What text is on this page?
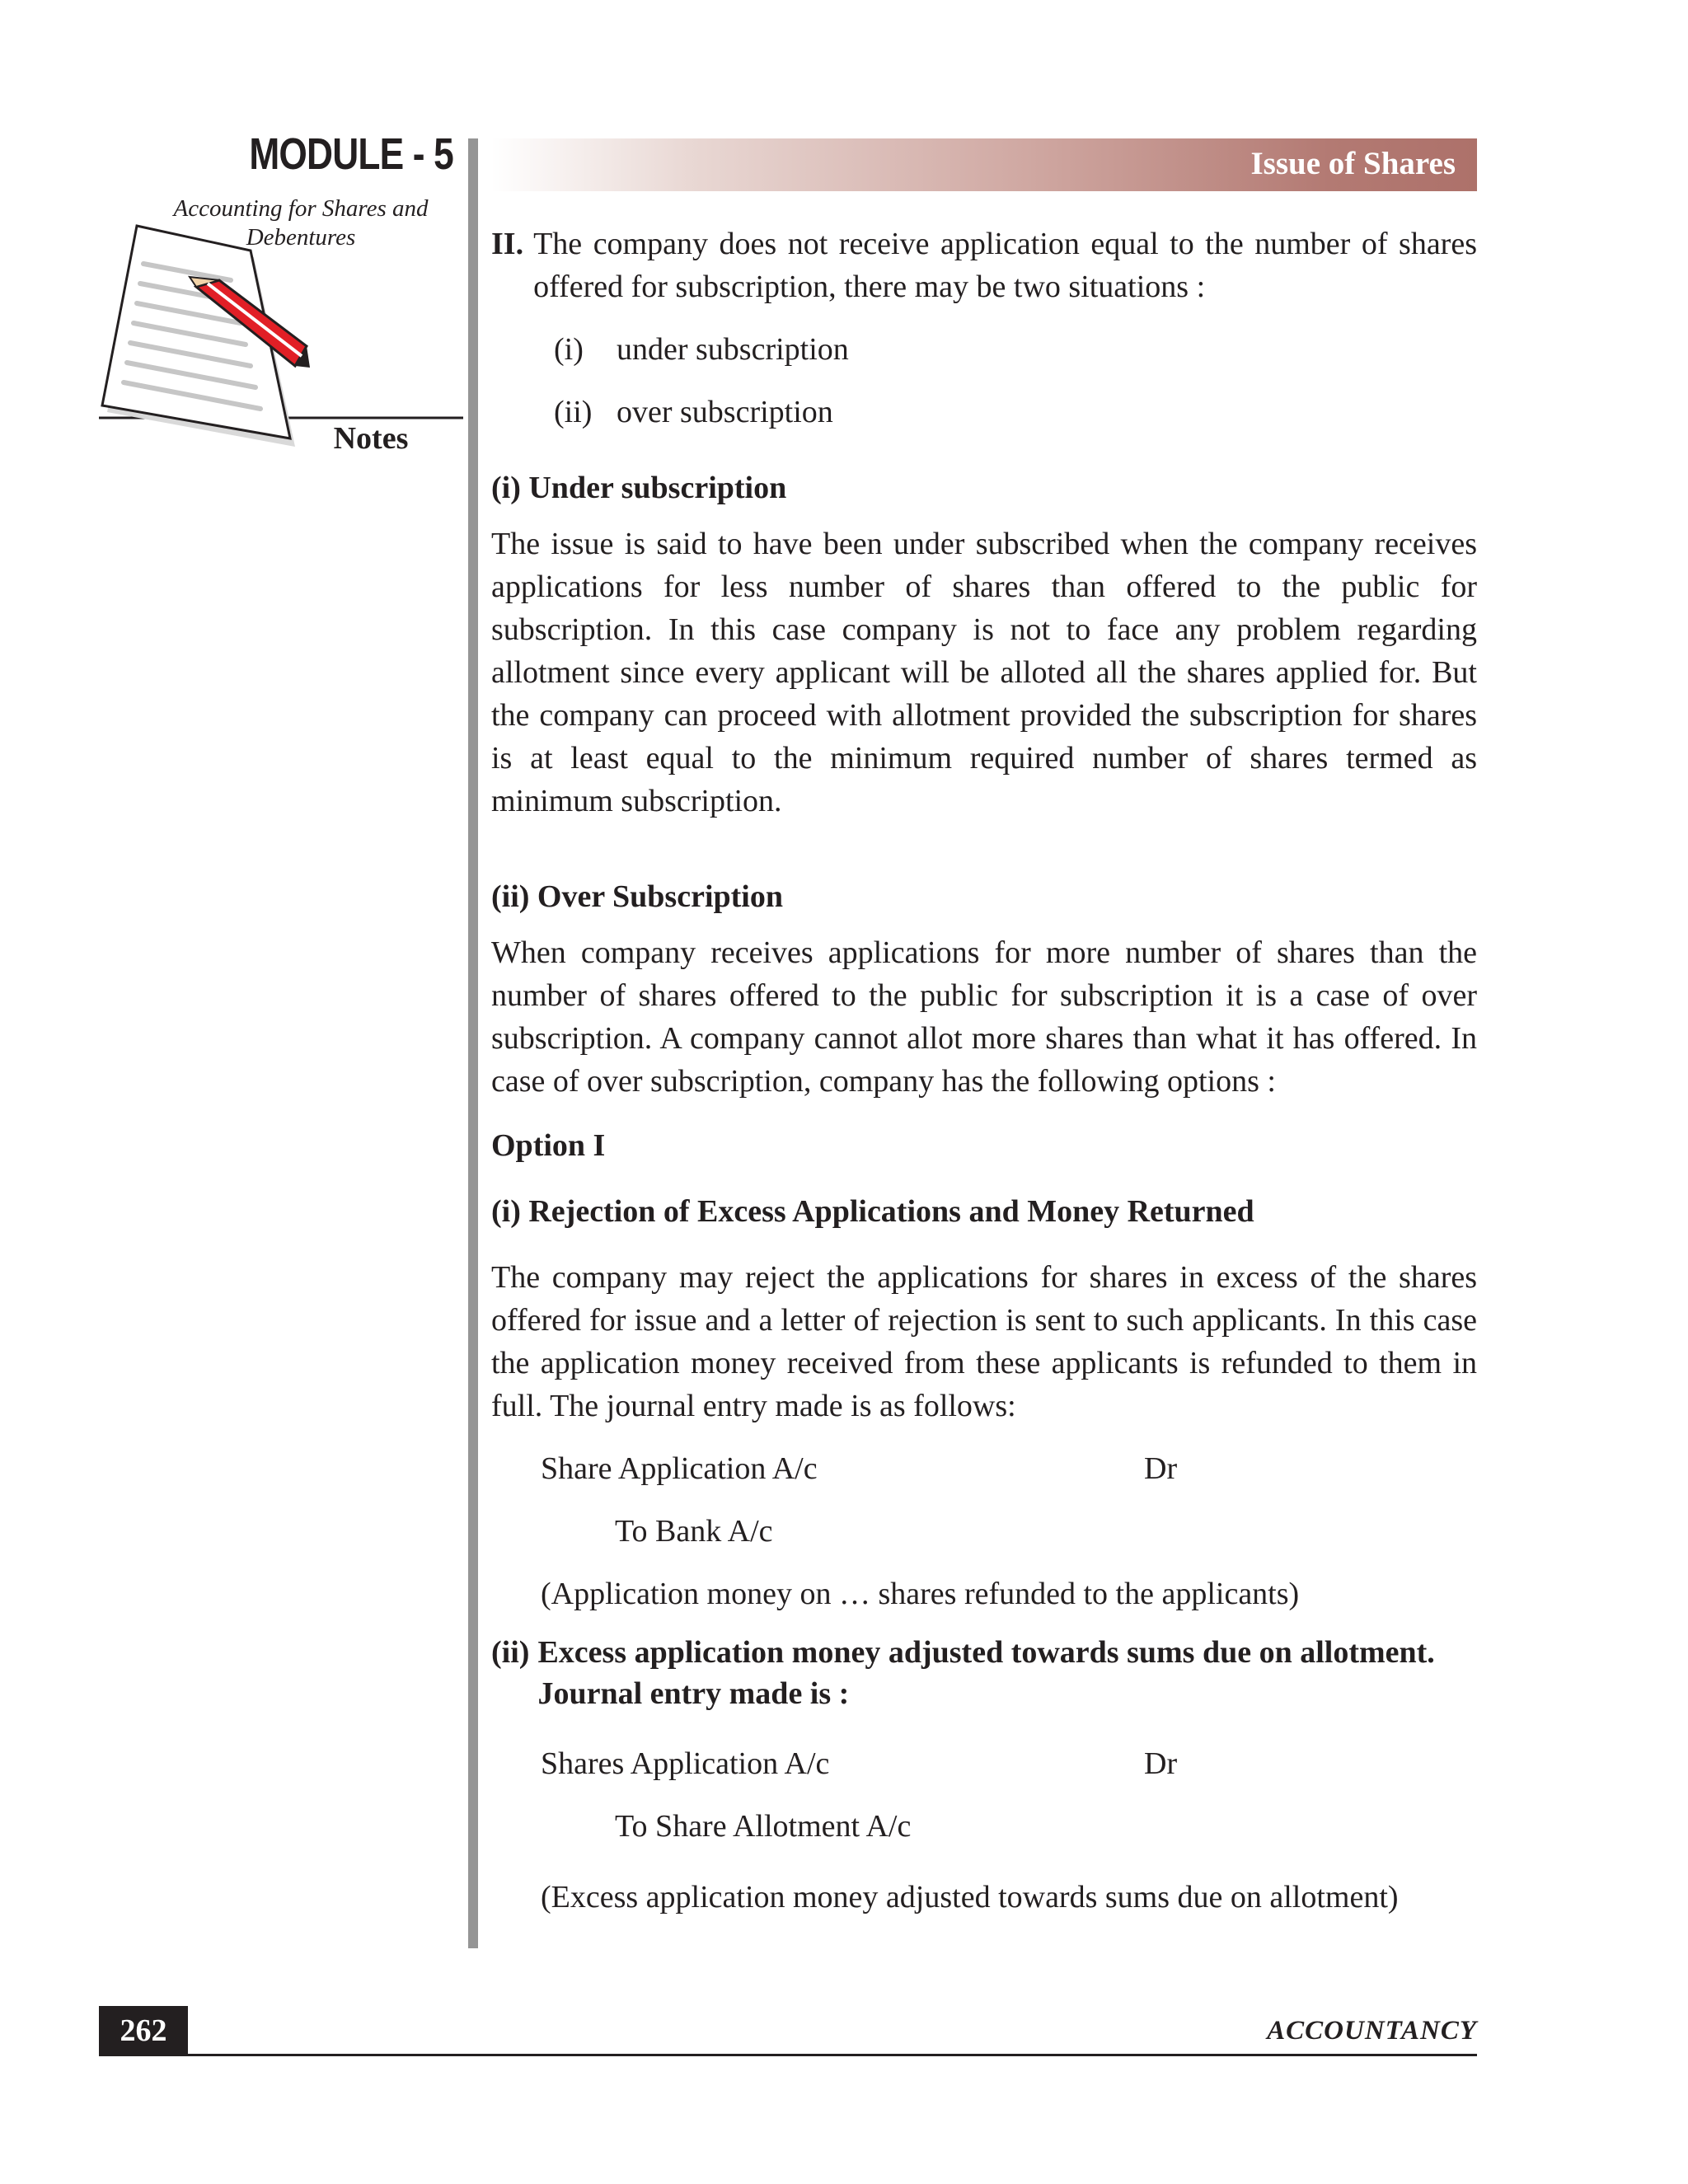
MODULE - 5
Accounting for Shares and
Debentures
Notes
Issue of Shares
II. The company does not receive application equal to the number of shares offered for subscription, there may be two situations :
(i) under subscription
(ii) over subscription

(i) Under subscription

The issue is said to have been under subscribed when the company receives applications for less number of shares than offered to the public for subscription. In this case company is not to face any problem regarding allotment since every applicant will be alloted all the shares applied for. But the company can proceed with allotment provided the subscription for shares is at least equal to the minimum required number of shares termed as minimum subscription.

(ii) Over Subscription

When company receives applications for more number of shares than the number of shares offered to the public for subscription it is a case of over subscription. A company cannot allot more shares than what it has offered. In case of over subscription, company has the following options :

Option I

(i) Rejection of Excess Applications and Money Returned

The company may reject the applications for shares in excess of the shares offered for issue and a letter of rejection is sent to such applicants. In this case the application money received from these applicants is refunded to them in full. The journal entry made is as follows:

Share Application A/c	Dr

To Bank A/c

(Application money on … shares refunded to the applicants)

(ii) Excess application money adjusted towards sums due on allotment. Journal entry made is :
Shares Application A/c	Dr

To Share Allotment A/c

(Excess application money adjusted towards sums due on allotment)

262	ACCOUNTANCY
